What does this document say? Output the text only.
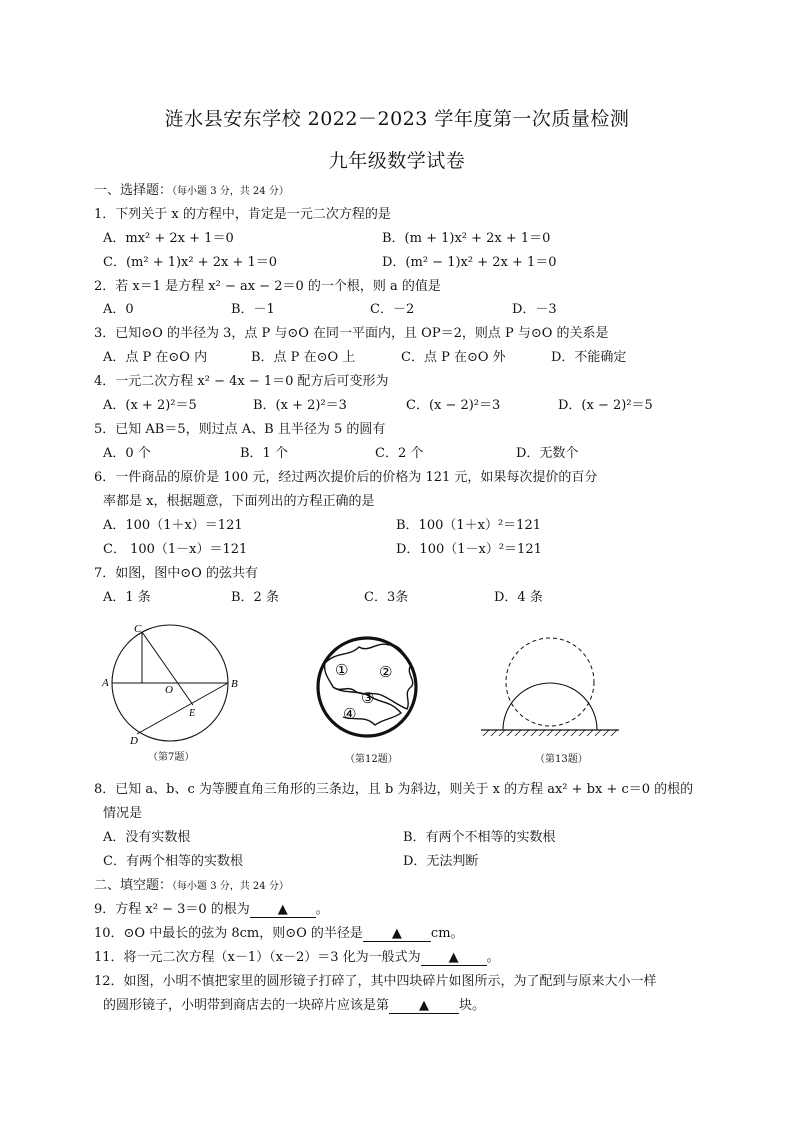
涟水县安东学校 2022－2023 学年度第一次质量检测
九年级数学试卷
一、选择题：（每小题 3 分，共 24 分）
1．下列关于 x 的方程中，肯定是一元二次方程的是
A．mx² + 2x + 1＝0	B．(m + 1)x² + 2x + 1＝0
C．(m² + 1)x² + 2x + 1＝0	D．(m² − 1)x² + 2x + 1＝0
2．若 x＝1 是方程 x² − ax − 2＝0 的一个根，则 a 的值是
A．0	B．－1	C．－2	D．－3
3．已知⊙O 的半径为 3，点 P 与⊙O 在同一平面内，且 OP＝2，则点 P 与⊙O 的关系是
A．点 P 在⊙O 内	B．点 P 在⊙O 上	C．点 P 在⊙O 外	D．不能确定
4．一元二次方程 x² − 4x − 1＝0 配方后可变形为
A．(x + 2)²＝5	B．(x + 2)²＝3	C．(x − 2)²＝3	D．(x − 2)²＝5
5．已知 AB＝5，则过点 A、B 且半径为 5 的圆有
A．0 个	B．1 个	C．2 个	D．无数个
6．一件商品的原价是 100 元，经过两次提价后的价格为 121 元，如果每次提价的百分
率都是 x，根据题意，下面列出的方程正确的是
A．100（1＋x）＝121	B．100（1＋x）²＝121
C． 100（1－x）＝121	D．100（1－x）²＝121
7．如图，图中⊙O 的弦共有
A．1 条	B．2 条	C．3条	D．4 条
C
A	B
O
E
D
（第7题）
① ②
③
④
（第12题）	（第13题）
8．已知 a、b、c 为等腰直角三角形的三条边，且 b 为斜边，则关于 x 的方程 ax² + bx + c＝0 的根的
情况是
A．没有实数根	B．有两个不相等的实数根
C．有两个相等的实数根	D．无法判断
二、填空题：（每小题 3 分，共 24 分）
9．方程 x² − 3＝0 的根为 ▲ 。
10．⊙O 中最长的弦为 8cm，则⊙O 的半径是 ▲ cm。
11．将一元二次方程（x－1）（x－2）＝3 化为一般式为 ▲ 。
12．如图，小明不慎把家里的圆形镜子打碎了，其中四块碎片如图所示，为了配到与原来大小一样
的圆形镜子，小明带到商店去的一块碎片应该是第 ▲ 块。
